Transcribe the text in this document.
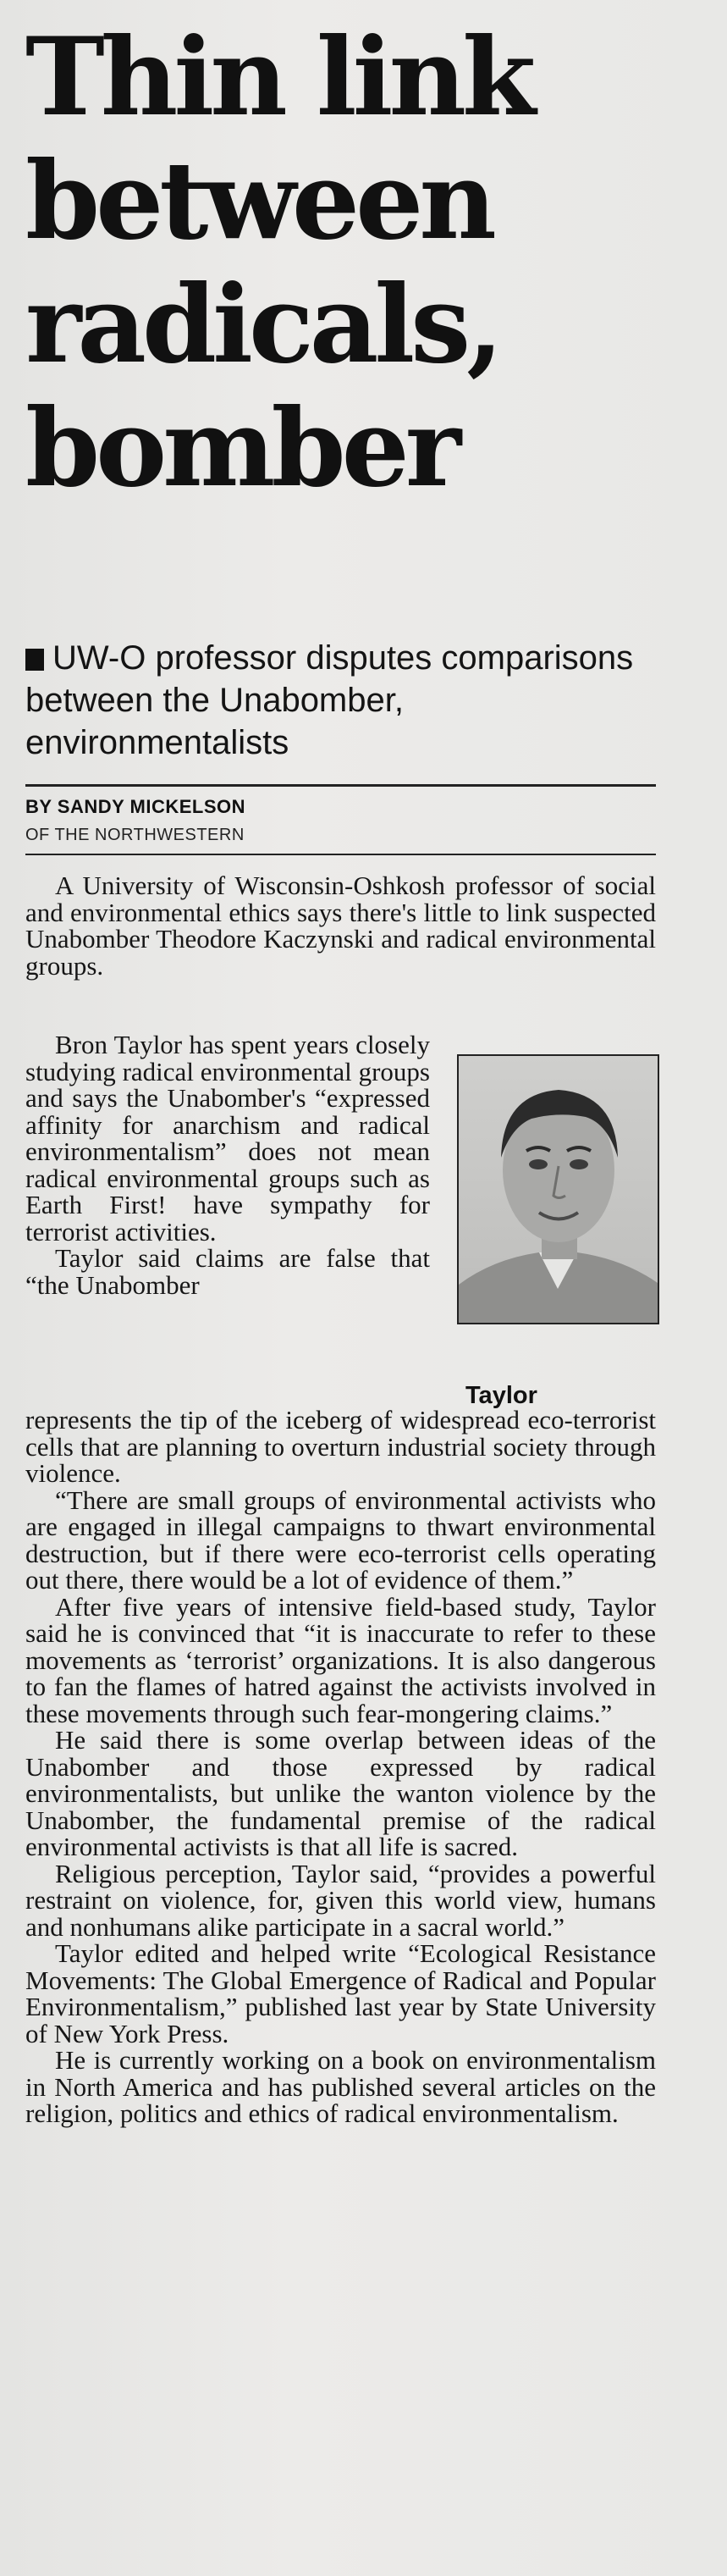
Thin link
between
radicals,
bomber
UW-O professor disputes comparisons between the Unabomber, environmentalists
BY SANDY MICKELSON
OF THE NORTHWESTERN

A University of Wisconsin-Oshkosh professor of social and environmental ethics says there's little to link suspected Unabomber Theodore Kaczynski and radical environmental groups.

Bron Taylor has spent years closely studying radical environmental groups and says the Unabomber's “expressed affinity for anarchism and radical environmentalism” does not mean radical environmental groups such as Earth First! have sympathy for terrorist activities.

Taylor said claims are false that “the Unabomber

Taylor

represents the tip of the iceberg of widespread eco-terrorist cells that are planning to overturn industrial society through violence.

“There are small groups of environmental activists who are engaged in illegal campaigns to thwart environmental destruction, but if there were eco-terrorist cells operating out there, there would be a lot of evidence of them.”

After five years of intensive field-based study, Taylor said he is convinced that “it is inaccurate to refer to these movements as ‘terrorist’ organizations. It is also dangerous to fan the flames of hatred against the activists involved in these movements through such fear-mongering claims.”

He said there is some overlap between ideas of the Unabomber and those expressed by radical environmentalists, but unlike the wanton violence by the Unabomber, the fundamental premise of the radical environmental activists is that all life is sacred.

Religious perception, Taylor said, “provides a powerful restraint on violence, for, given this world view, humans and nonhumans alike participate in a sacral world.”

Taylor edited and helped write “Ecological Resistance Movements: The Global Emergence of Radical and Popular Environmentalism,” published last year by State University of New York Press.

He is currently working on a book on environmentalism in North America and has published several articles on the religion, politics and ethics of radical environmentalism.
